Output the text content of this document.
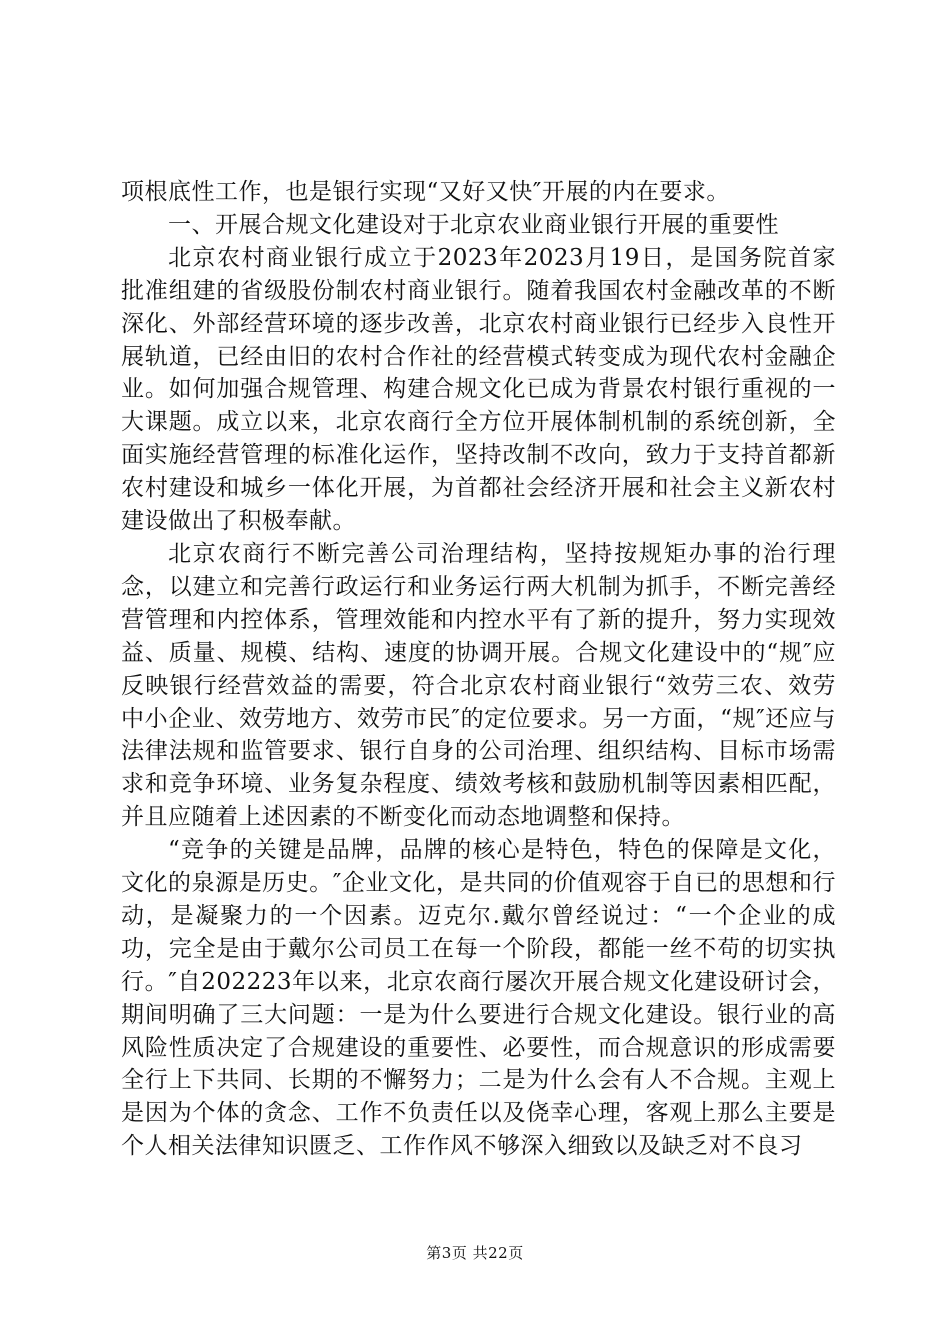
项根底性工作，也是银行实现“又好又快″开展的内在要求。

一、开展合规文化建设对于北京农业商业银行开展的重要性

北京农村商业银行成立于2023年2023月19日，是国务院首家批准组建的省级股份制农村商业银行。随着我国农村金融改革的不断深化、外部经营环境的逐步改善，北京农村商业银行已经步入良性开展轨道，已经由旧的农村合作社的经营模式转变成为现代农村金融企业。如何加强合规管理、构建合规文化已成为背景农村银行重视的一大课题。成立以来，北京农商行全方位开展体制机制的系统创新，全面实施经营管理的标准化运作，坚持改制不改向，致力于支持首都新农村建设和城乡一体化开展，为首都社会经济开展和社会主义新农村建设做出了积极奉献。

北京农商行不断完善公司治理结构，坚持按规矩办事的治行理念，以建立和完善行政运行和业务运行两大机制为抓手，不断完善经营管理和内控体系，管理效能和内控水平有了新的提升，努力实现效益、质量、规模、结构、速度的协调开展。合规文化建设中的“规″应反映银行经营效益的需要，符合北京农村商业银行“效劳三农、效劳中小企业、效劳地方、效劳市民″的定位要求。另一方面，“规″还应与法律法规和监管要求、银行自身的公司治理、组织结构、目标市场需求和竞争环境、业务复杂程度、绩效考核和鼓励机制等因素相匹配，并且应随着上述因素的不断变化而动态地调整和保持。

“竞争的关键是品牌，品牌的核心是特色，特色的保障是文化，文化的泉源是历史。″企业文化，是共同的价值观容于自已的思想和行动，是凝聚力的一个因素。迈克尔.戴尔曾经说过：“一个企业的成功，完全是由于戴尔公司员工在每一个阶段，都能一丝不苟的切实执行。″自202223年以来，北京农商行屡次开展合规文化建设研讨会，期间明确了三大问题：一是为什么要进行合规文化建设。银行业的高风险性质决定了合规建设的重要性、必要性，而合规意识的形成需要全行上下共同、长期的不懈努力；二是为什么会有人不合规。主观上是因为个体的贪念、工作不负责任以及侥幸心理，客观上那么主要是个人相关法律知识匮乏、工作作风不够深入细致以及缺乏对不良习

第3页 共22页
